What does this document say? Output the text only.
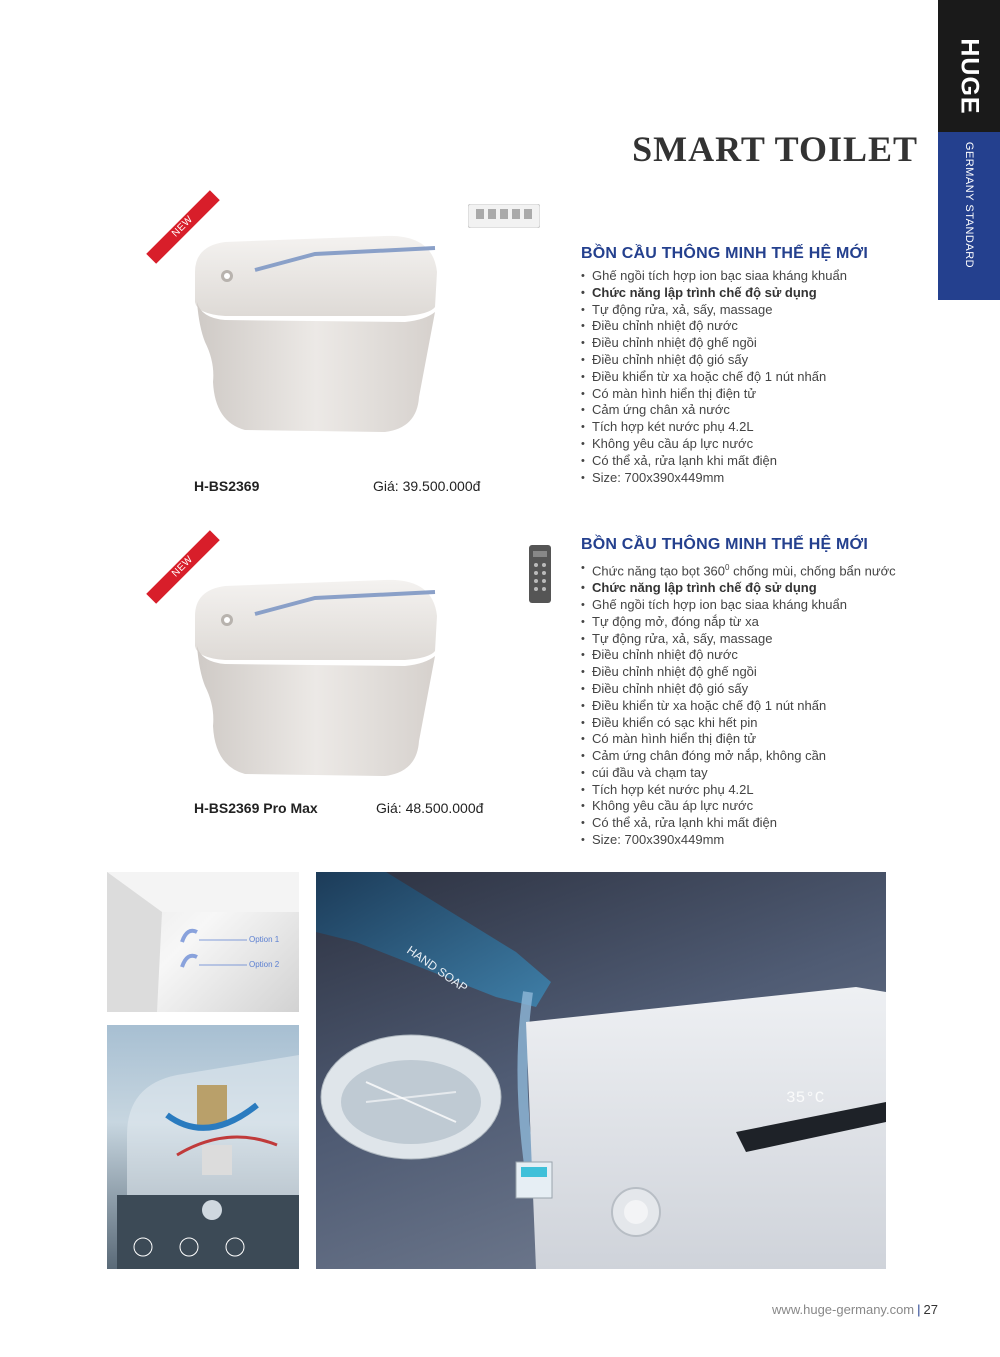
HUGE
GERMANY STANDARD
SMART TOILET
NEW
H-BS2369	Giá: 39.500.000đ
BỒN CẦU THÔNG MINH THẾ HỆ MỚI
• Ghế ngồi tích hợp ion bạc siaa kháng khuẩn
• Chức năng lập trình chế độ sử dụng
• Tự động rửa, xả, sấy, massage
• Điều chỉnh nhiệt độ nước
• Điều chỉnh nhiệt độ ghế ngồi
• Điều chỉnh nhiệt độ gió sấy
• Điều khiển từ xa hoặc chế độ 1 nút nhấn
• Có màn hình hiển thị điện tử
• Cảm ứng chân xả nước
• Tích hợp két nước phụ 4.2L
• Không yêu cầu áp lực nước
• Có thể xả, rửa lạnh khi mất điện
• Size: 700x390x449mm
NEW
H-BS2369 Pro Max	Giá: 48.500.000đ
BỒN CẦU THÔNG MINH THẾ HỆ MỚI
• Chức năng tạo bọt $360^0$ chống mùi, chống bẩn nước
• Chức năng lập trình chế độ sử dụng
• Ghế ngồi tích hợp ion bạc siaa kháng khuẩn
• Tự động mở, đóng nắp từ xa
• Tự động rửa, xả, sấy, massage
• Điều chỉnh nhiệt độ nước
• Điều chỉnh nhiệt độ ghế ngồi
• Điều chỉnh nhiệt độ gió sấy
• Điều khiển từ xa hoặc chế độ 1 nút nhấn
• Điều khiển có sạc khi hết pin
• Có màn hình hiển thị điện tử
• Cảm ứng chân đóng mở nắp, không cần
• cúi đầu và chạm tay
• Tích hợp két nước phụ 4.2L
• Không yêu cầu áp lực nước
• Có thể xả, rửa lạnh khi mất điện
• Size: 700x390x449mm
Option 1
Option 2	HAND SOAP
35°C
www.huge-germany.com | 27
